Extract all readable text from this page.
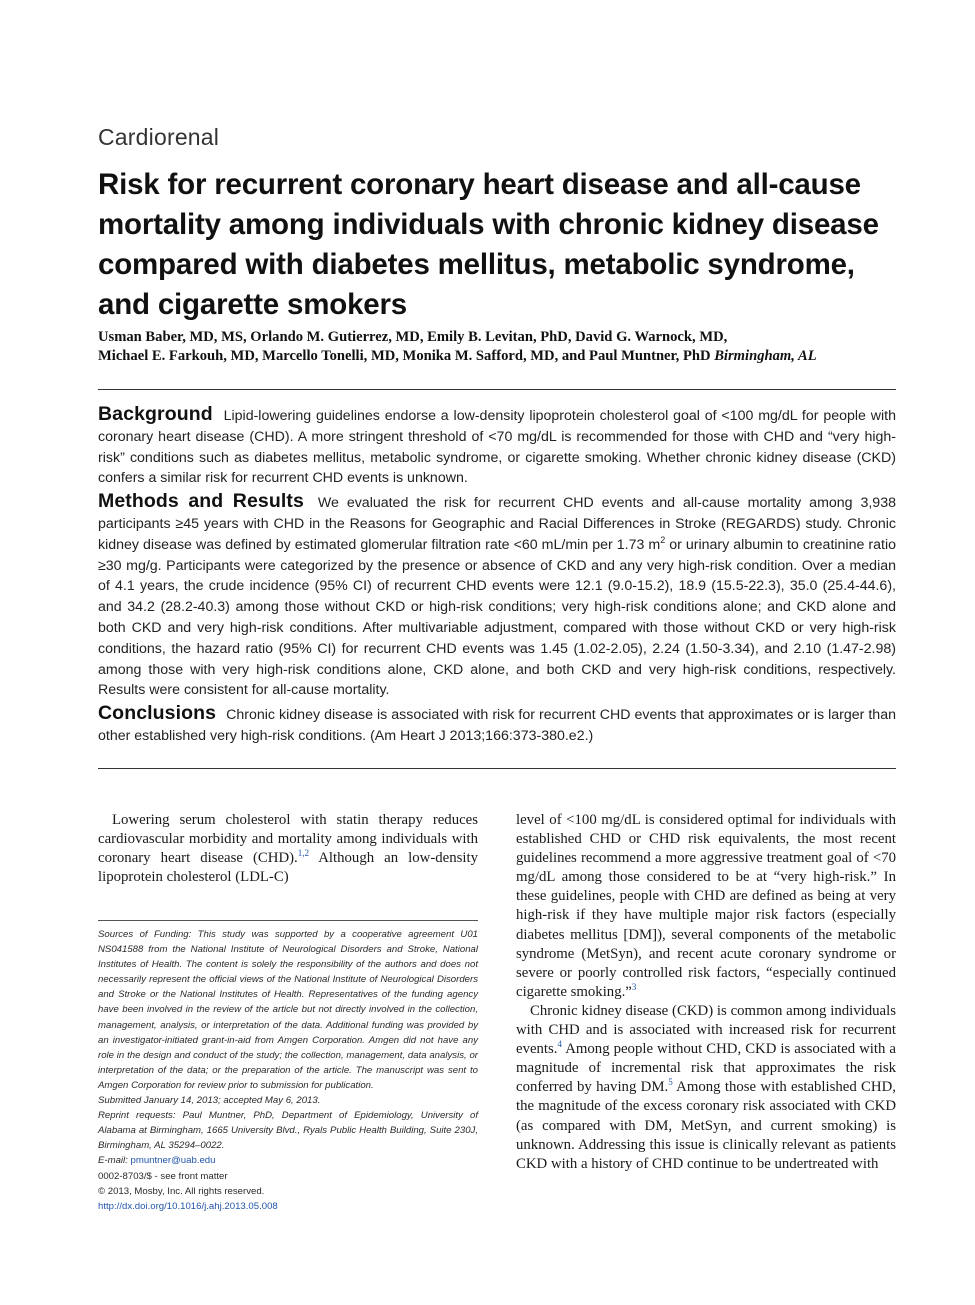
Cardiorenal
Risk for recurrent coronary heart disease and all-cause mortality among individuals with chronic kidney disease compared with diabetes mellitus, metabolic syndrome, and cigarette smokers
Usman Baber, MD, MS, Orlando M. Gutierrez, MD, Emily B. Levitan, PhD, David G. Warnock, MD,
Michael E. Farkouh, MD, Marcello Tonelli, MD, Monika M. Safford, MD, and Paul Muntner, PhD Birmingham, AL

Background Lipid-lowering guidelines endorse a low-density lipoprotein cholesterol goal of <100 mg/dL for people with coronary heart disease (CHD). A more stringent threshold of <70 mg/dL is recommended for those with CHD and “very high-risk” conditions such as diabetes mellitus, metabolic syndrome, or cigarette smoking. Whether chronic kidney disease (CKD) confers a similar risk for recurrent CHD events is unknown.

Methods and Results We evaluated the risk for recurrent CHD events and all-cause mortality among 3,938 participants ≥45 years with CHD in the Reasons for Geographic and Racial Differences in Stroke (REGARDS) study. Chronic kidney disease was defined by estimated glomerular filtration rate <60 mL/min per 1.73 $m^2$ or urinary albumin to creatinine ratio ≥30 mg/g. Participants were categorized by the presence or absence of CKD and any very high-risk condition. Over a median of 4.1 years, the crude incidence (95% CI) of recurrent CHD events were 12.1 (9.0-15.2), 18.9 (15.5-22.3), 35.0 (25.4-44.6), and 34.2 (28.2-40.3) among those without CKD or high-risk conditions; very high-risk conditions alone; and CKD alone and both CKD and very high-risk conditions. After multivariable adjustment, compared with those without CKD or very high-risk conditions, the hazard ratio (95% CI) for recurrent CHD events was 1.45 (1.02-2.05), 2.24 (1.50-3.34), and 2.10 (1.47-2.98) among those with very high-risk conditions alone, CKD alone, and both CKD and very high-risk conditions, respectively. Results were consistent for all-cause mortality.

Conclusions Chronic kidney disease is associated with risk for recurrent CHD events that approximates or is larger than other established very high-risk conditions. (Am Heart J 2013;166:373-380.e2.)

Lowering serum cholesterol with statin therapy reduces cardiovascular morbidity and mortality among individuals with coronary heart disease (CHD).$^{1,2}$ Although an low-density lipoprotein cholesterol (LDL-C)

Sources of Funding: This study was supported by a cooperative agreement U01 NS041588 from the National Institute of Neurological Disorders and Stroke, National Institutes of Health. The content is solely the responsibility of the authors and does not necessarily represent the official views of the National Institute of Neurological Disorders and Stroke or the National Institutes of Health. Representatives of the funding agency have been involved in the review of the article but not directly involved in the collection, management, analysis, or interpretation of the data. Additional funding was provided by an investigator-initiated grant-in-aid from Amgen Corporation. Amgen did not have any role in the design and conduct of the study; the collection, management, data analysis, or interpretation of the data; or the preparation of the article. The manuscript was sent to Amgen Corporation for review prior to submission for publication.

Submitted January 14, 2013; accepted May 6, 2013.

Reprint requests: Paul Muntner, PhD, Department of Epidemiology, University of Alabama at Birmingham, 1665 University Blvd., Ryals Public Health Building, Suite 230J, Birmingham, AL 35294–0022.

E-mail: pmuntner@uab.edu

0002-8703/$ - see front matter

© 2013, Mosby, Inc. All rights reserved.

http://dx.doi.org/10.1016/j.ahj.2013.05.008

level of <100 mg/dL is considered optimal for individuals with established CHD or CHD risk equivalents, the most recent guidelines recommend a more aggressive treatment goal of <70 mg/dL among those considered to be at “very high-risk.” In these guidelines, people with CHD are defined as being at very high-risk if they have multiple major risk factors (especially diabetes mellitus [DM]), several components of the metabolic syndrome (MetSyn), and recent acute coronary syndrome or severe or poorly controlled risk factors, “especially continued cigarette smoking.”$^3$

Chronic kidney disease (CKD) is common among individuals with CHD and is associated with increased risk for recurrent events.$^4$ Among people without CHD, CKD is associated with a magnitude of incremental risk that approximates the risk conferred by having DM.$^5$ Among those with established CHD, the magnitude of the excess coronary risk associated with CKD (as compared with DM, MetSyn, and current smoking) is unknown. Addressing this issue is clinically relevant as patients CKD with a history of CHD continue to be undertreated with
